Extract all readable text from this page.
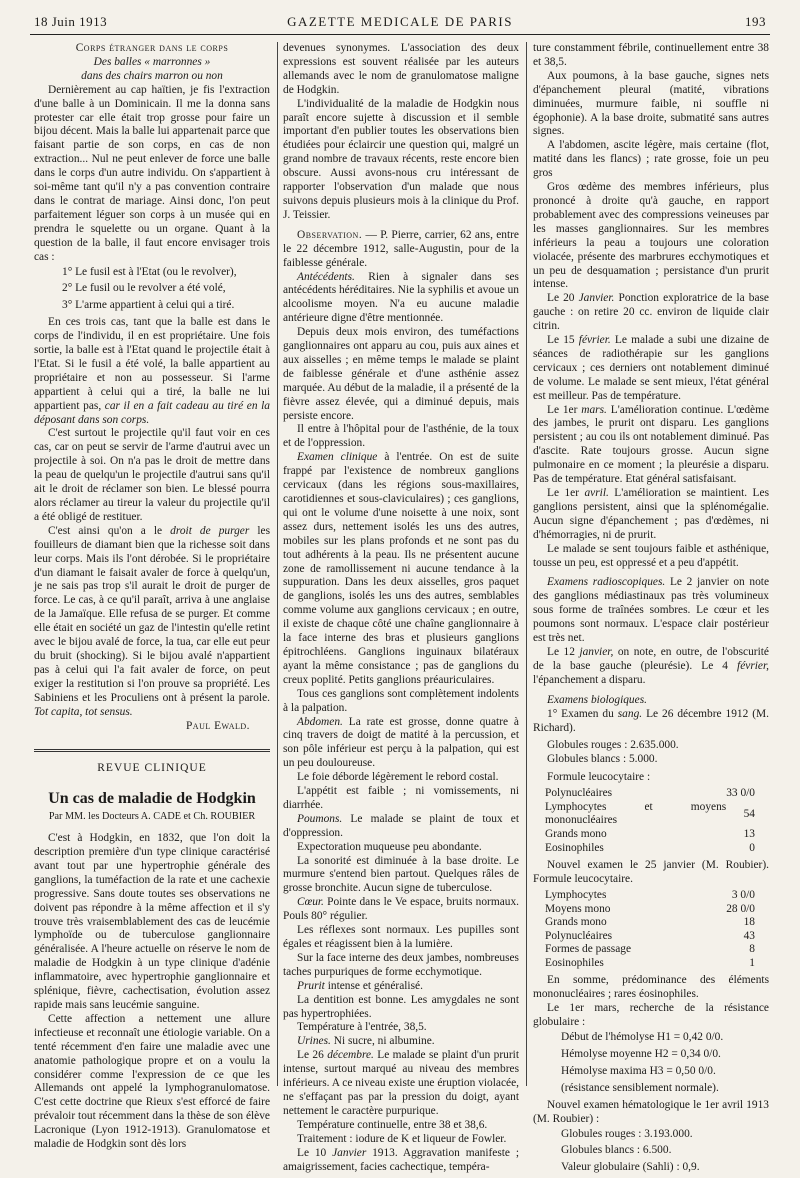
18 Juin 1913	GAZETTE MEDICALE DE PARIS	193

Corps étranger dans le corps

Des balles « marronnes »

dans des chairs marron ou non

Dernièrement au cap haïtien, je fis l'extraction d'une balle à un Dominicain. Il me la donna sans protester car elle était trop grosse pour faire un bijou décent. Mais la balle lui appartenait parce que faisant partie de son corps, en cas de non extraction... Nul ne peut enlever de force une balle dans le corps d'un autre individu. On s'appartient à soi-même tant qu'il n'y a pas convention contraire dans le contrat de mariage. Ainsi donc, l'on peut parfaitement léguer son corps à un musée qui en prendra le squelette ou un organe. Quant à la question de la balle, il faut encore envisager trois cas :

1° Le fusil est à l'Etat (ou le revolver),

2° Le fusil ou le revolver a été volé,

3° L'arme appartient à celui qui a tiré.

En ces trois cas, tant que la balle est dans le corps de l'individu, il en est propriétaire. Une fois sortie, la balle est à l'Etat quand le projectile était à l'Etat. Si le fusil a été volé, la balle appartient au propriétaire et non au possesseur. Si l'arme appartient à celui qui a tiré, la balle ne lui appartient pas, car il en a fait cadeau au tiré en la déposant dans son corps.

C'est surtout le projectile qu'il faut voir en ces cas, car on peut se servir de l'arme d'autrui avec un projectile à soi. On n'a pas le droit de mettre dans la peau de quelqu'un le projectile d'autrui sans qu'il ait le droit de réclamer son bien. Le blessé pourra alors réclamer au tireur la valeur du projectile qu'il a été obligé de restituer.

C'est ainsi qu'on a le droit de purger les fouilleurs de diamant bien que la richesse soit dans leur corps. Mais ils l'ont dérobée. Si le propriétaire d'un diamant le faisait avaler de force à quelqu'un, je ne sais pas trop s'il aurait le droit de purger de force. Le cas, à ce qu'il paraît, arriva à une anglaise de la Jamaïque. Elle refusa de se purger. Et comme elle était en société un gaz de l'intestin qu'elle retint avec le bijou avalé de force, la tua, car elle eut peur du bruit (shocking). Si le bijou avalé n'appartient pas à celui qui l'a fait avaler de force, on peut exiger la restitution si l'on prouve sa propriété. Les Sabiniens et les Proculiens ont à présent la parole. Tot capita, tot sensus.

Paul Ewald.

REVUE CLINIQUE

Un cas de maladie de Hodgkin

Par MM. les Docteurs A. CADE et Ch. ROUBIER

C'est à Hodgkin, en 1832, que l'on doit la description première d'un type clinique caractérisé avant tout par une hypertrophie générale des ganglions, la tuméfaction de la rate et une cachexie progressive. Sans doute toutes ses observations ne doivent pas répondre à la même affection et il s'y trouve très vraisemblablement des cas de leucémie lymphoïde ou de tuberculose ganglionnaire généralisée. A l'heure actuelle on réserve le nom de maladie de Hodgkin à un type clinique d'adénie inflammatoire, avec hypertrophie ganglionnaire et splénique, fièvre, cachectisation, évolution assez rapide mais sans leucémie sanguine.

Cette affection a nettement une allure infectieuse et reconnaît une étiologie variable. On a tenté récemment d'en faire une maladie avec une anatomie pathologique propre et on a voulu la considérer comme l'expression de ce que les Allemands ont appelé la lymphogranulomatose. C'est cette doctrine que Rieux s'est efforcé de faire prévaloir tout récemment dans la thèse de son élève Lacronique (Lyon 1912-1913). Granulomatose et maladie de Hodgkin sont dès lors

devenues synonymes. L'association des deux expressions est souvent réalisée par les auteurs allemands avec le nom de granulomatose maligne de Hodgkin.

L'individualité de la maladie de Hodgkin nous paraît encore sujette à discussion et il semble important d'en publier toutes les observations bien étudiées pour éclaircir une question qui, malgré un grand nombre de travaux récents, reste encore bien obscure. Aussi avons-nous cru intéressant de rapporter l'observation d'un malade que nous suivons depuis plusieurs mois à la clinique du Prof. J. Teissier.

Observation. — P. Pierre, carrier, 62 ans, entre le 22 décembre 1912, salle-Augustin, pour de la faiblesse générale.

Antécédents. Rien à signaler dans ses antécédents héréditaires. Nie la syphilis et avoue un alcoolisme moyen. N'a eu aucune maladie antérieure digne d'être mentionnée.

Depuis deux mois environ, des tuméfactions ganglionnaires ont apparu au cou, puis aux aines et aux aisselles ; en même temps le malade se plaint de faiblesse générale et d'une asthénie assez marquée. Au début de la maladie, il a présenté de la fièvre assez élevée, qui a diminué depuis, mais persiste encore.

Il entre à l'hôpital pour de l'asthénie, de la toux et de l'oppression.

Examen clinique à l'entrée. On est de suite frappé par l'existence de nombreux ganglions cervicaux (dans les régions sous-maxillaires, carotidiennes et sous-claviculaires) ; ces ganglions, qui ont le volume d'une noisette à une noix, sont assez durs, nettement isolés les uns des autres, mobiles sur les plans profonds et ne sont pas du tout adhérents à la peau. Ils ne présentent aucune zone de ramollissement ni aucune tendance à la suppuration. Dans les deux aisselles, gros paquet de ganglions, isolés les uns des autres, semblables comme volume aux ganglions cervicaux ; en outre, il existe de chaque côté une chaîne ganglionnaire à la face interne des bras et plusieurs ganglions épitrochléens. Ganglions inguinaux bilatéraux ayant la même consistance ; pas de ganglions du creux poplité. Petits ganglions préauriculaires.

Tous ces ganglions sont complètement indolents à la palpation.

Abdomen. La rate est grosse, donne quatre à cinq travers de doigt de matité à la percussion, et son pôle inférieur est perçu à la palpation, qui est un peu douloureuse.

Le foie déborde légèrement le rebord costal.

L'appétit est faible ; ni vomissements, ni diarrhée.

Poumons. Le malade se plaint de toux et d'oppression.

Expectoration muqueuse peu abondante.

La sonorité est diminuée à la base droite. Le murmure s'entend bien partout. Quelques râles de grosse bronchite. Aucun signe de tuberculose.

Cœur. Pointe dans le Ve espace, bruits normaux. Pouls 80° régulier.

Les réflexes sont normaux. Les pupilles sont égales et réagissent bien à la lumière.

Sur la face interne des deux jambes, nombreuses taches purpuriques de forme ecchymotique.

Prurit intense et généralisé.

La dentition est bonne. Les amygdales ne sont pas hypertrophiées.

Température à l'entrée, 38,5.

Urines. Ni sucre, ni albumine.

Le 26 décembre. Le malade se plaint d'un prurit intense, surtout marqué au niveau des membres inférieurs. A ce niveau existe une éruption violacée, ne s'effaçant pas par la pression du doigt, ayant nettement le caractère purpurique.

Température continuelle, entre 38 et 38,6.

Traitement : iodure de K et liqueur de Fowler.

Le 10 Janvier 1913. Aggravation manifeste ; amaigrissement, facies cachectique, tempéra-

ture constamment fébrile, continuellement entre 38 et 38,5.

Aux poumons, à la base gauche, signes nets d'épanchement pleural (matité, vibrations diminuées, murmure faible, ni souffle ni égophonie). A la base droite, submatité sans autres signes.

A l'abdomen, ascite légère, mais certaine (flot, matité dans les flancs) ; rate grosse, foie un peu gros

Gros œdème des membres inférieurs, plus prononcé à droite qu'à gauche, en rapport probablement avec des compressions veineuses par les masses ganglionnaires. Sur les membres inférieurs la peau a toujours une coloration violacée, présente des marbrures ecchymotiques et un peu de desquamation ; persistance d'un prurit intense.

Le 20 Janvier. Ponction exploratrice de la base gauche : on retire 20 cc. environ de liquide clair citrin.

Le 15 février. Le malade a subi une dizaine de séances de radiothérapie sur les ganglions cervicaux ; ces derniers ont notablement diminué de volume. Le malade se sent mieux, l'état général est meilleur. Pas de température.

Le 1er mars. L'amélioration continue. L'œdème des jambes, le prurit ont disparu. Les ganglions persistent ; au cou ils ont notablement diminué. Pas d'ascite. Rate toujours grosse. Aucun signe pulmonaire en ce moment ; la pleurésie a disparu. Pas de température. Etat général satisfaisant.

Le 1er avril. L'amélioration se maintient. Les ganglions persistent, ainsi que la splénomégalie. Aucun signe d'épanchement ; pas d'œdèmes, ni d'hémorragies, ni de prurit.

Le malade se sent toujours faible et asthénique, tousse un peu, est oppressé et a peu d'appétit.

Examens radioscopiques. Le 2 janvier on note des ganglions médiastinaux pas très volumineux sous forme de traînées sombres. Le cœur et les poumons sont normaux. L'espace clair postérieur est très net.

Le 12 janvier, on note, en outre, de l'obscurité de la base gauche (pleurésie). Le 4 février, l'épanchement a disparu.

Examens biologiques.

1° Examen du sang. Le 26 décembre 1912 (M. Richard).

Globules rouges : 2.635.000.

Globules blancs : 5.000.

Formule leucocytaire :

Polynucléaires	33 0/0
Lymphocytes et moyens mononucléaires	54
Grands mono	13
Eosinophiles	0

Nouvel examen le 25 janvier (M. Roubier). Formule leucocytaire.

Lymphocytes	3 0/0
Moyens mono	28 0/0
Grands mono	18
Polynucléaires	43
Formes de passage	8
Eosinophiles	1

En somme, prédominance des éléments mononucléaires ; rares éosinophiles.

Le 1er mars, recherche de la résistance globulaire :

Début de l'hémolyse H1 = 0,42 0/0.

Hémolyse moyenne H2 = 0,34 0/0.

Hémolyse maxima H3 = 0,50 0/0.

(résistance sensiblement normale).

Nouvel examen hématologique le 1er avril 1913 (M. Roubier) :

Globules rouges : 3.193.000.

Globules blancs : 6.500.

Valeur globulaire (Sahli) : 0,9.
